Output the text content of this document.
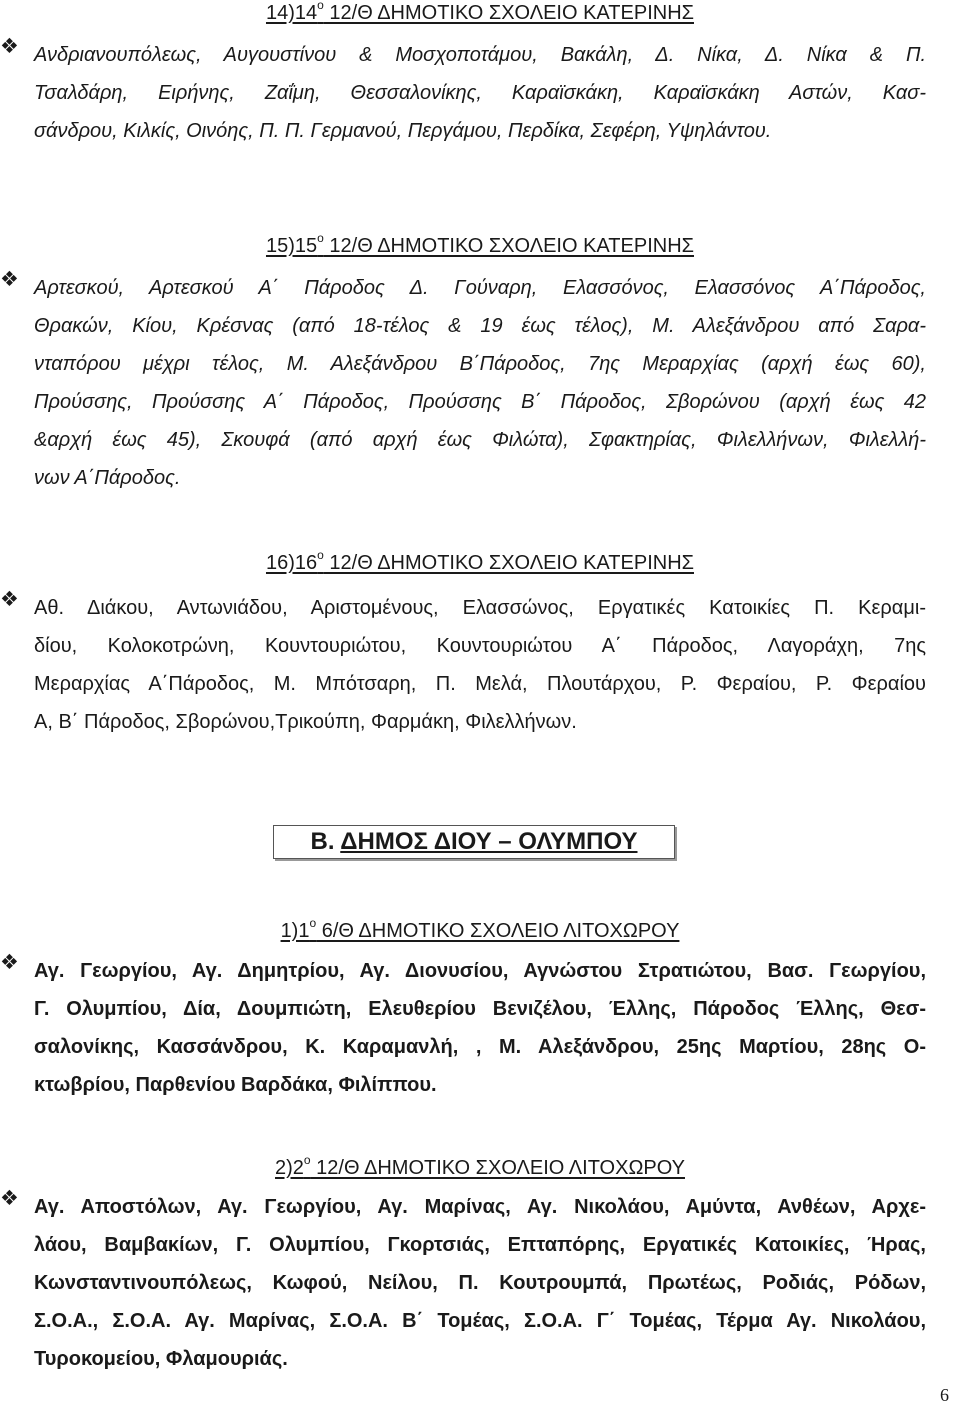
$14)14^o$ 12/Θ ΔΗΜΟΤΙΚΟ ΣΧΟΛΕΙΟ ΚΑΤΕΡΙΝΗΣ
❖ Ανδριανουπόλεως, Αυγουστίνου & Μοσχοποτάμου, Βακάλη, Δ. Νίκα, Δ. Νίκα & Π.
Τσαλδάρη, Ειρήνης, Ζαΐμη, Θεσσαλονίκης, Καραϊσκάκη, Καραϊσκάκη Αστών, Κασ-
σάνδρου, Κιλκίς, Οινόης, Π. Π. Γερμανού, Περγάμου, Περδίκα, Σεφέρη, Υψηλάντου.
$15)15^o$ 12/Θ ΔΗΜΟΤΙΚΟ ΣΧΟΛΕΙΟ ΚΑΤΕΡΙΝΗΣ
❖ Αρτεσκού, Αρτεσκού Α΄ Πάροδος Δ. Γούναρη, Ελασσόνος, Ελασσόνος Α΄Πάροδος,
Θρακών, Κίου, Κρέσνας (από 18-τέλος & 19 έως τέλος), Μ. Αλεξάνδρου από Σαρα-
νταπόρου μέχρι τέλος, Μ. Αλεξάνδρου Β΄Πάροδος, 7ης Μεραρχίας (αρχή έως 60),
Προύσσης, Προύσσης Α΄ Πάροδος, Προύσσης Β΄ Πάροδος, Σβορώνου (αρχή έως 42
&αρχή έως 45), Σκουφά (από αρχή έως Φιλώτα), Σφακτηρίας, Φιλελλήνων, Φιλελλή-
νων Α΄Πάροδος.
$16)16^o$ 12/Θ ΔΗΜΟΤΙΚΟ ΣΧΟΛΕΙΟ ΚΑΤΕΡΙΝΗΣ
❖ Αθ. Διάκου, Αντωνιάδου, Αριστομένους, Ελασσώνος, Εργατικές Κατοικίες Π. Κεραμι-
δίου, Κολοκοτρώνη, Κουντουριώτου, Κουντουριώτου Α΄ Πάροδος, Λαγοράχη, 7ης
Μεραρχίας Α΄Πάροδος, Μ. Μπότσαρη, Π. Μελά, Πλουτάρχου, Ρ. Φεραίου, Ρ. Φεραίου
Α, Β΄ Πάροδος, Σβορώνου,Τρικούπη, Φαρμάκη, Φιλελλήνων.
Β. ΔΗΜΟΣ ΔΙΟΥ – ΟΛΥΜΠΟΥ
$1)1^o$ 6/Θ ΔΗΜΟΤΙΚΟ ΣΧΟΛΕΙΟ ΛΙΤΟΧΩΡΟΥ
❖ Αγ. Γεωργίου, Αγ. Δημητρίου, Αγ. Διονυσίου, Αγνώστου Στρατιώτου, Βασ. Γεωργίου,
Γ. Ολυμπίου, Δία, Δουμπιώτη, Ελευθερίου Βενιζέλου, Έλλης, Πάροδος Έλλης, Θεσ-
σαλονίκης, Κασσάνδρου, Κ. Καραμανλή, , Μ. Αλεξάνδρου, 25ης Μαρτίου, 28ης Ο-
κτωβρίου, Παρθενίου Βαρδάκα, Φιλίππου.
$2)2^o$ 12/Θ ΔΗΜΟΤΙΚΟ ΣΧΟΛΕΙΟ ΛΙΤΟΧΩΡΟΥ
❖ Αγ. Αποστόλων, Αγ. Γεωργίου, Αγ. Μαρίνας, Αγ. Νικολάου, Αμύντα, Ανθέων, Αρχε-
λάου, Βαμβακίων, Γ. Ολυμπίου, Γκορτσιάς, Επταπόρης, Εργατικές Κατοικίες, Ήρας,
Κωνσταντινουπόλεως, Κωφού, Νείλου, Π. Κουτρουμπά, Πρωτέως, Ροδιάς, Ρόδων,
Σ.Ο.Α., Σ.Ο.Α. Αγ. Μαρίνας, Σ.Ο.Α. Β΄ Τομέας, Σ.Ο.Α. Γ΄ Τομέας, Τέρμα Αγ. Νικολάου,
Τυροκομείου, Φλαμουριάς.
6
